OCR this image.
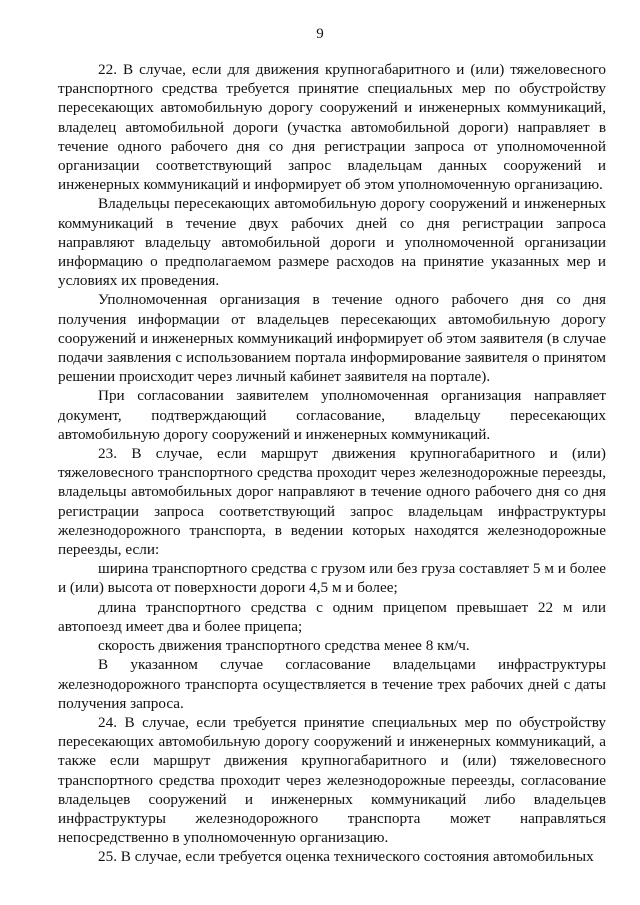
9

22. В случае, если для движения крупногабаритного и (или) тяжеловесного транспортного средства требуется принятие специальных мер по обустройству пересекающих автомобильную дорогу сооружений и инженерных коммуникаций, владелец автомобильной дороги (участка автомобильной дороги) направляет в течение одного рабочего дня со дня регистрации запроса от уполномоченной организации соответствующий запрос владельцам данных сооружений и инженерных коммуникаций и информирует об этом уполномоченную организацию.

Владельцы пересекающих автомобильную дорогу сооружений и инженерных коммуникаций в течение двух рабочих дней со дня регистрации запроса направляют владельцу автомобильной дороги и уполномоченной организации информацию о предполагаемом размере расходов на принятие указанных мер и условиях их проведения.

Уполномоченная организация в течение одного рабочего дня со дня получения информации от владельцев пересекающих автомобильную дорогу сооружений и инженерных коммуникаций информирует об этом заявителя (в случае подачи заявления с использованием портала информирование заявителя о принятом решении происходит через личный кабинет заявителя на портале).

При согласовании заявителем уполномоченная организация направляет документ, подтверждающий согласование, владельцу пересекающих автомобильную дорогу сооружений и инженерных коммуникаций.

23. В случае, если маршрут движения крупногабаритного и (или) тяжеловесного транспортного средства проходит через железнодорожные переезды, владельцы автомобильных дорог направляют в течение одного рабочего дня со дня регистрации запроса соответствующий запрос владельцам инфраструктуры железнодорожного транспорта, в ведении которых находятся железнодорожные переезды, если:

ширина транспортного средства с грузом или без груза составляет 5 м и более и (или) высота от поверхности дороги 4,5 м и более;

длина транспортного средства с одним прицепом превышает 22 м или автопоезд имеет два и более прицепа;

скорость движения транспортного средства менее 8 км/ч.

В указанном случае согласование владельцами инфраструктуры железнодорожного транспорта осуществляется в течение трех рабочих дней с даты получения запроса.

24. В случае, если требуется принятие специальных мер по обустройству пересекающих автомобильную дорогу сооружений и инженерных коммуникаций, а также если маршрут движения крупногабаритного и (или) тяжеловесного транспортного средства проходит через железнодорожные переезды, согласование владельцев сооружений и инженерных коммуникаций либо владельцев инфраструктуры железнодорожного транспорта может направляться непосредственно в уполномоченную организацию.

25. В случае, если требуется оценка технического состояния автомобильных
